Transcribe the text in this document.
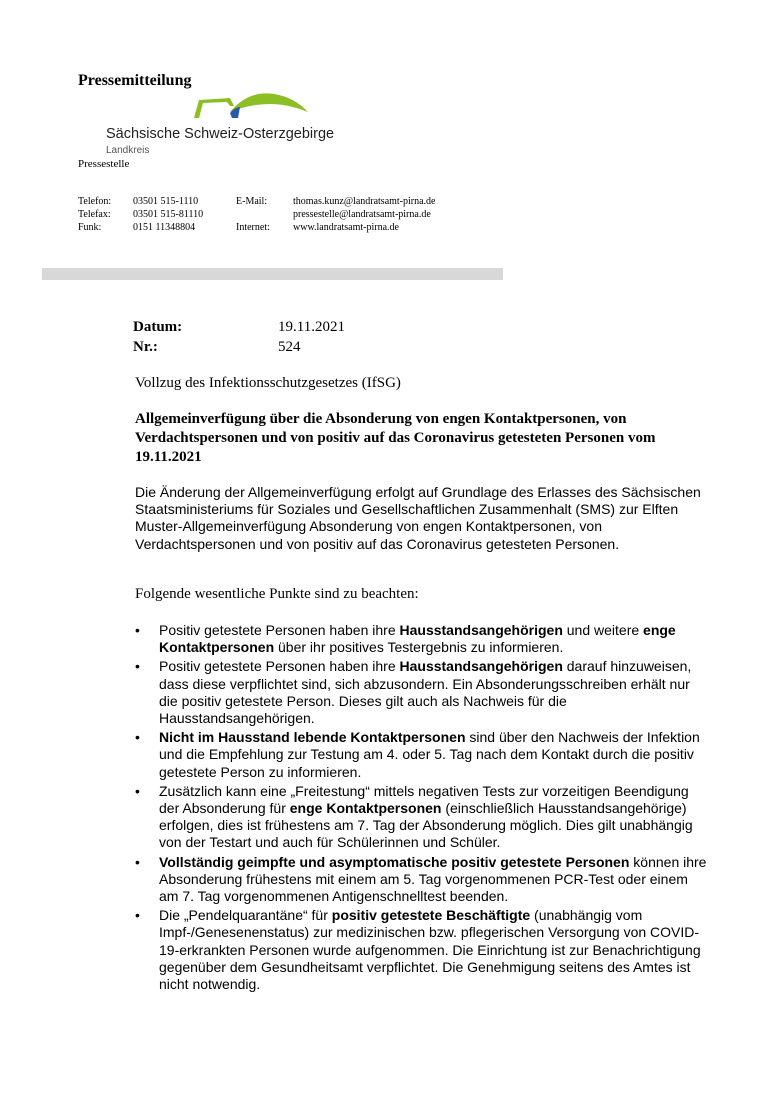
Pressemitteilung
Sächsische Schweiz-Osterzgebirge
Landkreis
Pressestelle
Telefon:
Telefax:
Funk:
03501 515-1110
03501 515-81110
0151 11348804
E-Mail:

Internet:
thomas.kunz@landratsamt-pirna.de
pressestelle@landratsamt-pirna.de
www.landratsamt-pirna.de
Datum:	19.11.2021
Nr.:	524
Vollzug des Infektionsschutzgesetzes (IfSG)
Allgemeinverfügung über die Absonderung von engen Kontaktpersonen, von Verdachtspersonen und von positiv auf das Coronavirus getesteten Personen vom 19.11.2021
Die Änderung der Allgemeinverfügung erfolgt auf Grundlage des Erlasses des Sächsischen Staatsministeriums für Soziales und Gesellschaftlichen Zusammenhalt (SMS) zur Elften Muster-Allgemeinverfügung Absonderung von engen Kontaktpersonen, von Verdachtspersonen und von positiv auf das Coronavirus getesteten Personen.
Folgende wesentliche Punkte sind zu beachten:
• Positiv getestete Personen haben ihre Hausstandsangehörigen und weitere enge Kontaktpersonen über ihr positives Testergebnis zu informieren.
• Positiv getestete Personen haben ihre Hausstandsangehörigen darauf hinzuweisen, dass diese verpflichtet sind, sich abzusondern. Ein Absonderungsschreiben erhält nur die positiv getestete Person. Dieses gilt auch als Nachweis für die Hausstandsangehörigen.
• Nicht im Hausstand lebende Kontaktpersonen sind über den Nachweis der Infektion und die Empfehlung zur Testung am 4. oder 5. Tag nach dem Kontakt durch die positiv getestete Person zu informieren.
• Zusätzlich kann eine „Freitestung“ mittels negativen Tests zur vorzeitigen Beendigung der Absonderung für enge Kontaktpersonen (einschließlich Hausstandsangehörige) erfolgen, dies ist frühestens am 7. Tag der Absonderung möglich. Dies gilt unabhängig von der Testart und auch für Schülerinnen und Schüler.
• Vollständig geimpfte und asymptomatische positiv getestete Personen können ihre Absonderung frühestens mit einem am 5. Tag vorgenommenen PCR-Test oder einem am 7. Tag vorgenommenen Antigenschnelltest beenden.
• Die „Pendelquarantäne“ für positiv getestete Beschäftigte (unabhängig vom Impf-/Genesenenstatus) zur medizinischen bzw. pflegerischen Versorgung von COVID-19-erkrankten Personen wurde aufgenommen. Die Einrichtung ist zur Benachrichtigung gegenüber dem Gesundheitsamt verpflichtet. Die Genehmigung seitens des Amtes ist nicht notwendig.
